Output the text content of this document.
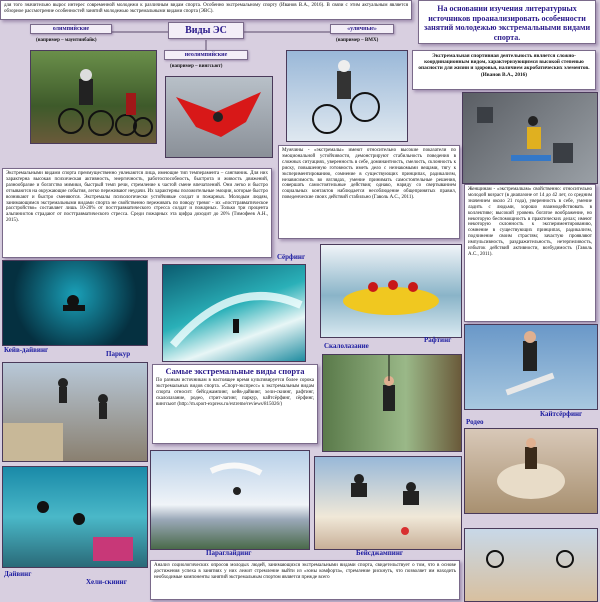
для того значительно вырос интерес современной молодежи к различным видам спорта. Особенно экстремальному спорту (Иванов В.А., 2016). В связи с этим актуальным является обзорное рассмотрение особенностей занятий молодежью экстремальными видами спорта (ЭВС).	На основании изучения литературных источников проанализировать особенности занятий молодежью экстремальными видами спорта.
олимпийские
(например – маунтинбайк)
Виды ЭС	«уличные»
(например – BMX)
неолимпийские
(например – вингсьют)
Экстремальная спортивная деятельность является сложно-координационным видом, характеризующимся высокой степенью опасности для жизни и здоровья, наличием акробатических элементов. (Иванов В.А., 2016)
Мужчины - «экстремалы» имеют относительно высокие показатели по эмоциональной устойчивости, демонстрируют стабильность поведения в сложных ситуациях, уверенность в себе, доминантность, смелость, склонность к риску, повышенную готовность иметь дело с незнакомыми вещами, тягу к экспериментированию, сомнение в существующих принципах, радикализм, независимость во взглядах, умение принимать самостоятельные решения, совершать самостоятельные действия; однако, наряду со свертыванием социальных контактов наблюдается несоблюдение общепринятых правил, поведенческие своих действий стабильно (Гаволь А.С., 2011).
Экстремальными видами спорта преимущественно увлекаются лица, имеющие тип темперамента – сангвиник. Для них характерна высокая психическая активность, энергичность, работоспособность, быстрота и живость движений, разнообразие и богатство мимики, быстрый темп речи, стремление к частой смене впечатлений. Они легко и быстро отзываются на окружающие события, легко переживают неудачи. Их характерны положительные эмоции, которые быстро возникают и быстро сменяются. Экстремалы психологически устойчивые солдат и пожарных. Молодым людям, занимающимся экстремальными видами спорта не свойственно переживать по поводу тревог - их «посттравматическое расстройство» составляет лишь 10-20% от посттравматического стресса солдат и пожарных. Только три процента альпинистов страдают от посттравматического стресса. Среди пожарных эта цифра доходит до 20% (Тимофеев А.Н., 2015).
Женщинам - «экстремалкам» свойственно: относительно молодой возраст (в диапазоне от 14 до 42 лет, со средним значением около 21 года), уверенность в себе, умение ладить с людьми, хорошо взаимодействовать в коллективе; высокий уровень богатое воображение, но некоторую беспомощность в практических делах; имеют некоторую склонность к экспериментированию, сомнение в существующих принципах, радикализм, подчинение своим страстям; зачастую проявляют импульсивность, раздражительность, нетерпеливость, избыток действий активности, возбудимость (Гаволь А.С., 2011).
Сёрфинг
Рафтинг
Кейв-дайвинг	Паркур
Скалолазание
Кайтсёрфинг
Самые экстремальные виды спорта
По разным источникам в настоящее время культивируется более сорока экстремальных видов спорта. «Спорт-экспресс» к экстремальным видам спорта относит: бейсджампинг, кейв-дайвинг, хели-скиинг, рафтинг, скалолазание, родео, стрит-лагинг, паркур, кайтсёрфинг, сёрфинг, вингсьют (http://m.sport-express.ru/extreme/reviews/815026/)
Родео
Дайвинг
Параглайдинг	Бейсджампинг
Анализ социологических опросов молодых людей, занимающихся экстремальными видами спорта, свидетельствует о том, что в основе достижения успеха в занятиях у них лежит стремление выйти из «зоны комфорта», стремление рискнуть, что позволяет им находить необходимые компоненты занятий экстремальным спортом является прежде всего
Хели-скиинг
